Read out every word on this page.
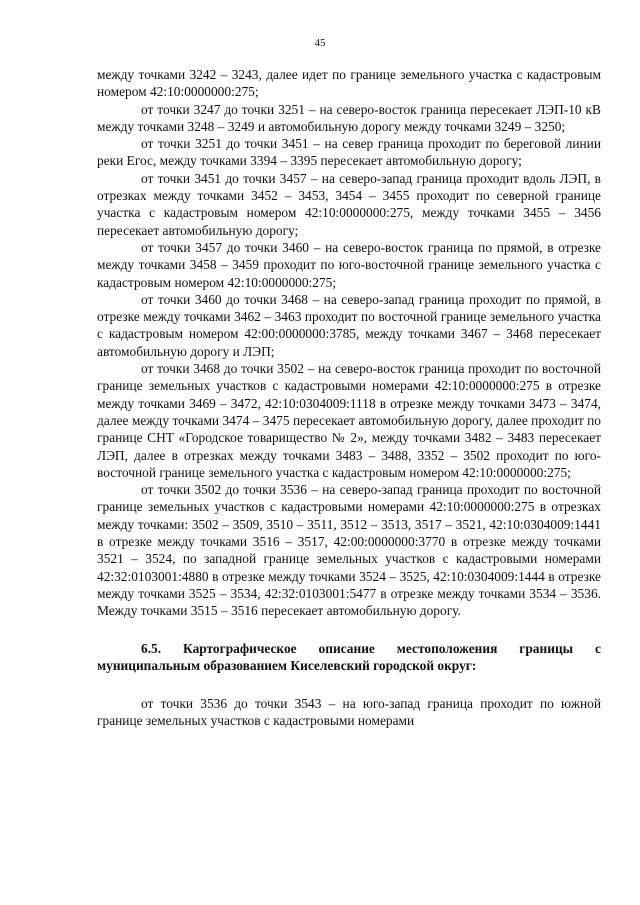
45

между точками 3242 – 3243, далее идет по границе земельного участка с кадастровым номером 42:10:0000000:275;

от точки 3247 до точки 3251 – на северо-восток граница пересекает ЛЭП-10 кВ между точками 3248 – 3249 и автомобильную дорогу между точками 3249 – 3250;

от точки 3251 до точки 3451 – на север граница проходит по береговой линии реки Егос, между точками 3394 – 3395 пересекает автомобильную дорогу;

от точки 3451 до точки 3457 – на северо-запад граница проходит вдоль ЛЭП, в отрезках между точками 3452 – 3453, 3454 – 3455 проходит по северной границе участка с кадастровым номером 42:10:0000000:275, между точками 3455 – 3456 пересекает автомобильную дорогу;

от точки 3457 до точки 3460 – на северо-восток граница по прямой, в отрезке между точками 3458 – 3459 проходит по юго-восточной границе земельного участка с кадастровым номером 42:10:0000000:275;

от точки 3460 до точки 3468 – на северо-запад граница проходит по прямой, в отрезке между точками 3462 – 3463 проходит по восточной границе земельного участка с кадастровым номером 42:00:0000000:3785, между точками 3467 – 3468 пересекает автомобильную дорогу и ЛЭП;

от точки 3468 до точки 3502 – на северо-восток граница проходит по восточной границе земельных участков с кадастровыми номерами 42:10:0000000:275 в отрезке между точками 3469 – 3472, 42:10:0304009:1118 в отрезке между точками 3473 – 3474, далее между точками 3474 – 3475 пересекает автомобильную дорогу, далее проходит по границе СНТ «Городское товарищество № 2», между точками 3482 – 3483 пересекает ЛЭП, далее в отрезках между точками 3483 – 3488, 3352 – 3502 проходит по юго-восточной границе земельного участка с кадастровым номером 42:10:0000000:275;

от точки 3502 до точки 3536 – на северо-запад граница проходит по восточной границе земельных участков с кадастровыми номерами 42:10:0000000:275 в отрезках между точками: 3502 – 3509, 3510 – 3511, 3512 – 3513, 3517 – 3521, 42:10:0304009:1441 в отрезке между точками 3516 – 3517, 42:00:0000000:3770 в отрезке между точками 3521 – 3524, по западной границе земельных участков с кадастровыми номерами 42:32:0103001:4880 в отрезке между точками 3524 – 3525, 42:10:0304009:1444 в отрезке между точками 3525 – 3534, 42:32:0103001:5477 в отрезке между точками 3534 – 3536. Между точками 3515 – 3516 пересекает автомобильную дорогу.

6.5. Картографическое описание местоположения границы с муниципальным образованием Киселевский городской округ:

от точки 3536 до точки 3543 – на юго-запад граница проходит по южной границе земельных участков с кадастровыми номерами
